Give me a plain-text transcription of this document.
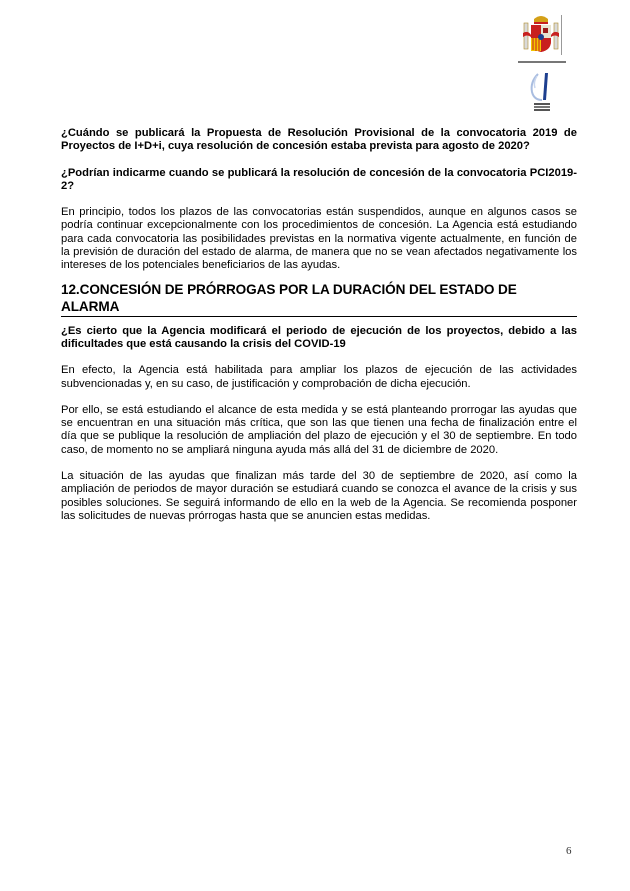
¿Cuándo se publicará la Propuesta de Resolución Provisional de la convocatoria 2019 de Proyectos de I+D+i, cuya resolución de concesión estaba prevista para agosto de 2020?

¿Podrían indicarme cuando se publicará la resolución de concesión de la convocatoria PCI2019-2?

En principio, todos los plazos de las convocatorias están suspendidos, aunque en algunos casos se podría continuar excepcionalmente con los procedimientos de concesión. La Agencia está estudiando para cada convocatoria las posibilidades previstas en la normativa vigente actualmente, en función de la previsión de duración del estado de alarma, de manera que no se vean afectados negativamente los intereses de los potenciales beneficiarios de las ayudas.

12.CONCESIÓN DE PRÓRROGAS POR LA DURACIÓN DEL ESTADO DE ALARMA

¿Es cierto que la Agencia modificará el periodo de ejecución de los proyectos, debido a las dificultades que está causando la crisis del COVID-19

En efecto, la Agencia está habilitada para ampliar los plazos de ejecución de las actividades subvencionadas y, en su caso, de justificación y comprobación de dicha ejecución.

Por ello, se está estudiando el alcance de esta medida y se está planteando prorrogar las ayudas que se encuentran en una situación más crítica, que son las que tienen una fecha de finalización entre el día que se publique la resolución de ampliación del plazo de ejecución y el 30 de septiembre. En todo caso, de momento no se ampliará ninguna ayuda más allá del 31 de diciembre de 2020.

La situación de las ayudas que finalizan más tarde del 30 de septiembre de 2020, así como la ampliación de periodos de mayor duración se estudiará cuando se conozca el avance de la crisis y sus posibles soluciones. Se seguirá informando de ello en la web de la Agencia. Se recomienda posponer las solicitudes de nuevas prórrogas hasta que se anuncien estas medidas.

6
